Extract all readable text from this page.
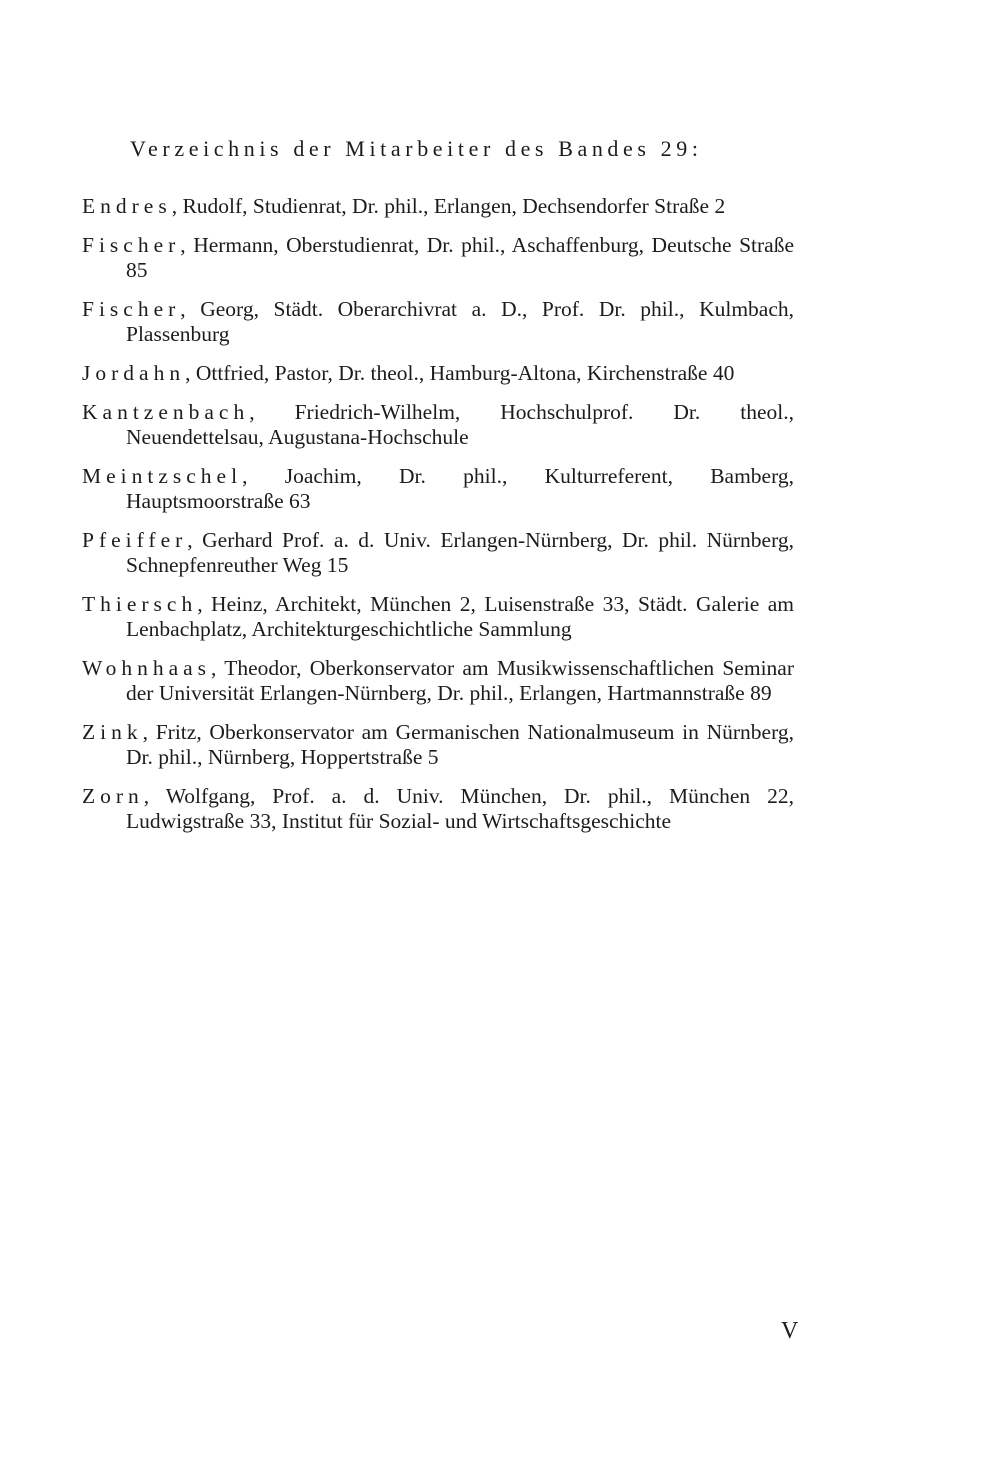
Verzeichnis der Mitarbeiter des Bandes 29:

Endres, Rudolf, Studienrat, Dr. phil., Erlangen, Dechsendorfer Straße 2

Fischer, Hermann, Oberstudienrat, Dr. phil., Aschaffenburg, Deutsche Straße 85

Fischer, Georg, Städt. Oberarchivrat a. D., Prof. Dr. phil., Kulmbach, Plassenburg

Jordahn, Ottfried, Pastor, Dr. theol., Hamburg-Altona, Kirchenstraße 40

Kantzenbach, Friedrich-Wilhelm, Hochschulprof. Dr. theol., Neuendettelsau, Augustana-Hochschule

Meintzschel, Joachim, Dr. phil., Kulturreferent, Bamberg, Hauptsmoorstraße 63

Pfeiffer, Gerhard Prof. a. d. Univ. Erlangen-Nürnberg, Dr. phil. Nürnberg, Schnepfenreuther Weg 15

Thiersch, Heinz, Architekt, München 2, Luisenstraße 33, Städt. Galerie am Lenbachplatz, Architekturgeschichtliche Sammlung

Wohnhaas, Theodor, Oberkonservator am Musikwissenschaftlichen Seminar der Universität Erlangen-Nürnberg, Dr. phil., Erlangen, Hartmannstraße 89

Zink, Fritz, Oberkonservator am Germanischen Nationalmuseum in Nürnberg, Dr. phil., Nürnberg, Hoppertstraße 5

Zorn, Wolfgang, Prof. a. d. Univ. München, Dr. phil., München 22, Ludwigstraße 33, Institut für Sozial- und Wirtschaftsgeschichte

V
